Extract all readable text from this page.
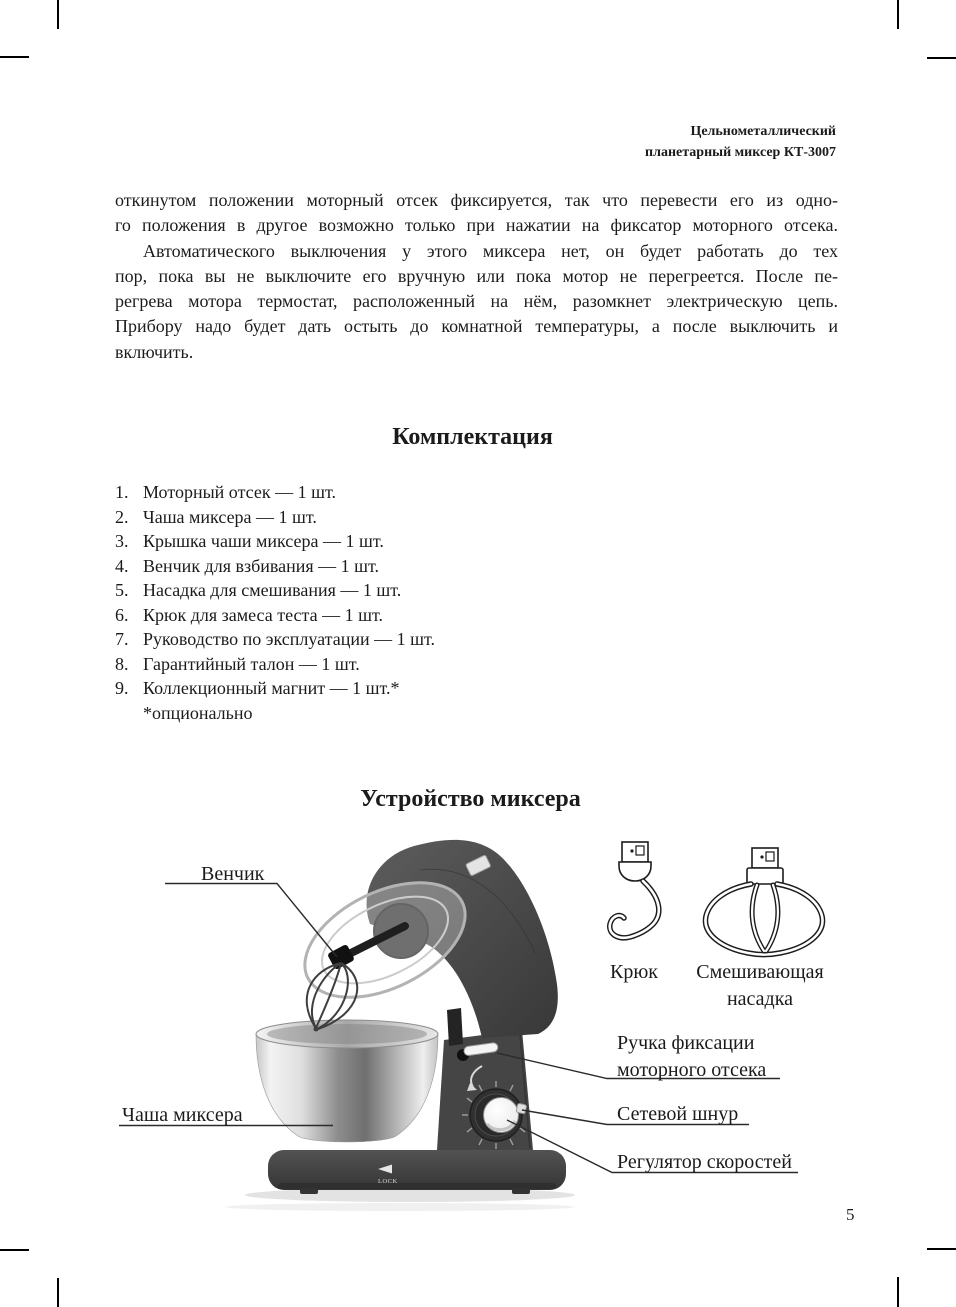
Цельнометаллический
планетарный миксер КТ-3007
откинутом положении моторный отсек фиксируется, так что перевести его из одно-
го положения в другое возможно только при нажатии на фиксатор моторного отсека.
Автоматического выключения у этого миксера нет, он будет работать до тех
пор, пока вы не выключите его вручную или пока мотор не перегреется. После пе-
регрева мотора термостат, расположенный на нём, разомкнет электрическую цепь.
Прибору надо будет дать остыть до комнатной температуры, а после выключить и
включить.
Комплектация
1. Моторный отсек — 1 шт.
2. Чаша миксера — 1 шт.
3. Крышка чаши миксера — 1 шт.
4. Венчик для взбивания — 1 шт.
5. Насадка для смешивания — 1 шт.
6. Крюк для замеса теста — 1 шт.
7. Руководство по эксплуатации — 1 шт.
8. Гарантийный талон — 1 шт.
9. Коллекционный магнит — 1 шт.*
*опционально
Устройство миксера
LOCK
Венчик
Чаша миксера
Крюк	Смешивающая
насадка
Ручка фиксации
моторного отсека
Сетевой шнур
Регулятор скоростей
5
